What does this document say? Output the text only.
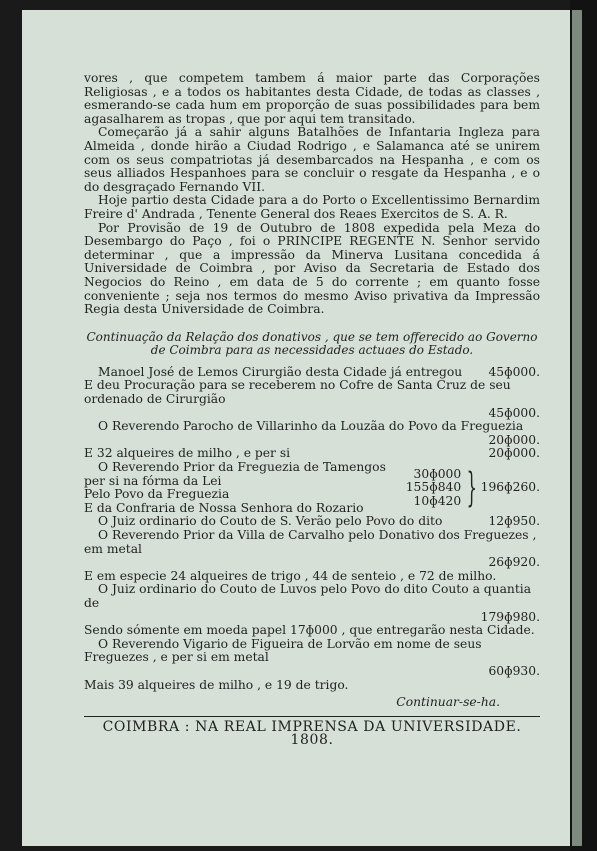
vores , que competem tambem á maior parte das Corporações Religiosas , e a todos os habitantes desta Cidade, de todas as classes , esmerando-se cada hum em proporção de suas possibilidades para bem agasalharem as tropas , que por aqui tem transitado.

Começarão já a sahir alguns Batalhões de Infantaria Ingleza para Almeida , donde hirão a Ciudad Rodrigo , e Salamanca até se unirem com os seus compatriotas já desembarcados na Hespanha , e com os seus alliados Hespanhoes para se concluir o resgate da Hespanha , e o do desgraçado Fernando VII.

Hoje partio desta Cidade para a do Porto o Excellentissimo Bernardim Freire d' Andrada , Tenente General dos Reaes Exercitos de S. A. R.

Por Provisão de 19 de Outubro de 1808 expedida pela Meza do Desembargo do Paço , foi o PRINCIPE REGENTE N. Senhor servido determinar , que a impressão da Minerva Lusitana concedida á Universidade de Coimbra , por Aviso da Secretaria de Estado dos Negocios do Reino , em data de 5 do corrente ; em quanto fosse conveniente ; seja nos termos do mesmo Aviso privativa da Impressão Regia desta Universidade de Coimbra.

Continuação da Relação dos donativos , que se tem offerecido ao Governo de Coimbra para as necessidades actuaes do Estado.

Manoel José de Lemos Cirurgião desta Cidade já entregou 45ɸ000.
E deu Procuração para se receberem no Cofre de Santa Cruz de seu ordenado de Cirurgião
45ɸ000.
O Reverendo Parocho de Villarinho da Louzãa do Povo da Freguezia
20ɸ000.
E 32 alqueires de milho , e per si	20ɸ000.
O Reverendo Prior da Freguezia de Tamengos per si na fórma da Lei
Pelo Povo da Freguezia
E da Confraria de Nossa Senhora do Rozario
30ɸ000
155ɸ840
10ɸ420 } 196ɸ260.
O Juiz ordinario do Couto de S. Verão pelo Povo do dito	12ɸ950.
O Reverendo Prior da Villa de Carvalho pelo Donativo dos Freguezes , em metal
26ɸ920.
E em especie 24 alqueires de trigo , 44 de senteio , e 72 de milho.
O Juiz ordinario do Couto de Luvos pelo Povo do dito Couto a quantia de
179ɸ980.
Sendo sómente em moeda papel 17ɸ000 , que entregarão nesta Cidade.
O Reverendo Vigario de Figueira de Lorvão em nome de seus Freguezes , e per si em metal
60ɸ930.
Mais 39 alqueires de milho , e 19 de trigo.
Continuar-se-ha.
COIMBRA : NA REAL IMPRENSA DA UNIVERSIDADE. 1808.
